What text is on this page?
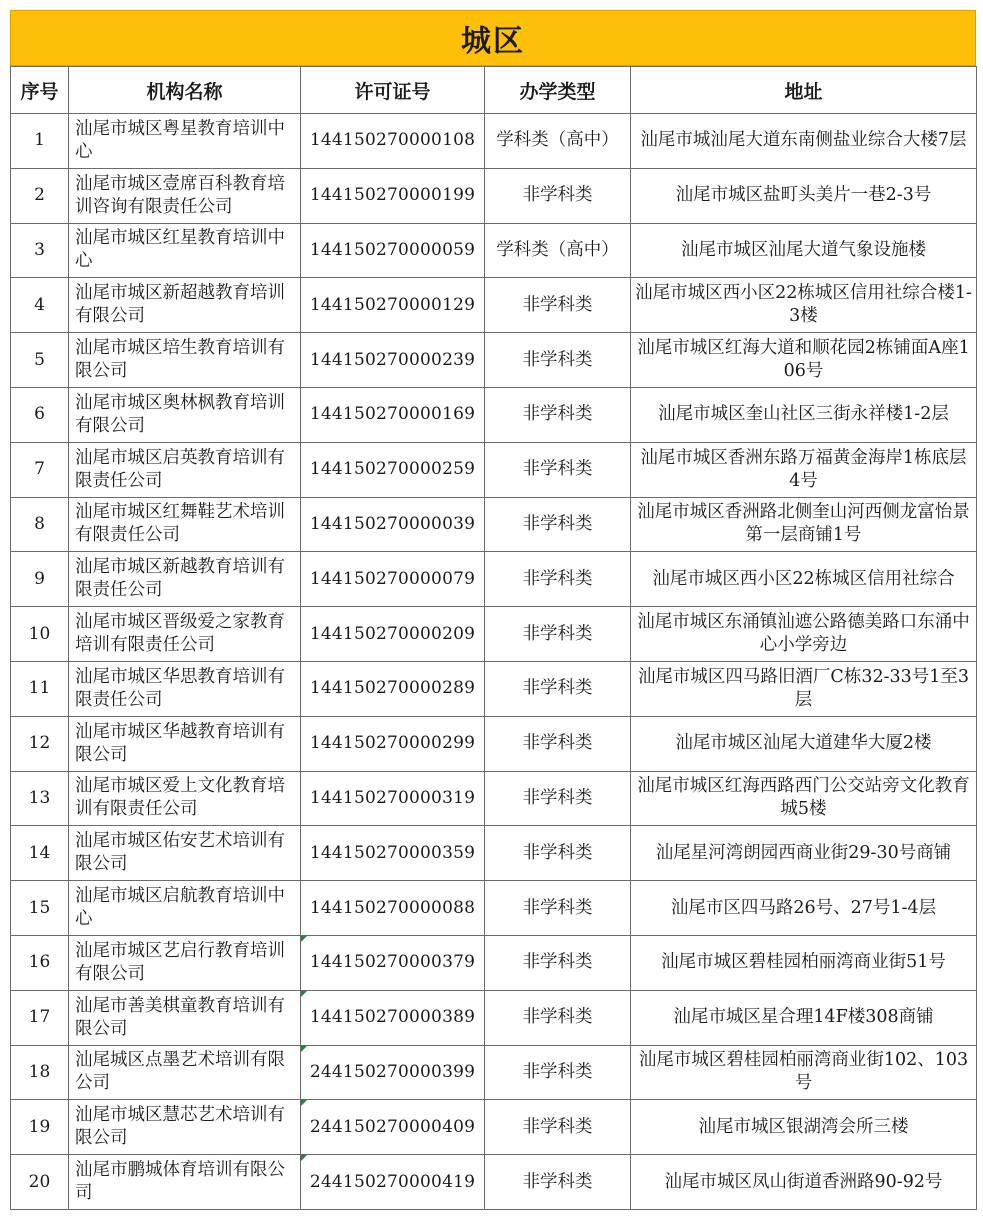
城区
序号	机构名称	许可证号	办学类型	地址
1	汕尾市城区粤星教育培训中心	144150270000108	学科类（高中）	汕尾市城汕尾大道东南侧盐业综合大楼7层
2	汕尾市城区壹席百科教育培训咨询有限责任公司	144150270000199	非学科类	汕尾市城区盐町头美片一巷2-3号
3	汕尾市城区红星教育培训中心	144150270000059	学科类（高中）	汕尾市城区汕尾大道气象设施楼
4	汕尾市城区新超越教育培训有限公司	144150270000129	非学科类	汕尾市城区西小区22栋城区信用社综合楼1-3楼
5	汕尾市城区培生教育培训有限公司	144150270000239	非学科类	汕尾市城区红海大道和顺花园2栋铺面A座106号
6	汕尾市城区奥林枫教育培训有限公司	144150270000169	非学科类	汕尾市城区奎山社区三街永祥楼1-2层
7	汕尾市城区启英教育培训有限责任公司	144150270000259	非学科类	汕尾市城区香洲东路万福黄金海岸1栋底层4号
8	汕尾市城区红舞鞋艺术培训有限责任公司	144150270000039	非学科类	汕尾市城区香洲路北侧奎山河西侧龙富怡景第一层商铺1号
9	汕尾市城区新越教育培训有限责任公司	144150270000079	非学科类	汕尾市城区西小区22栋城区信用社综合
10	汕尾市城区晋级爱之家教育培训有限责任公司	144150270000209	非学科类	汕尾市城区东涌镇汕遮公路德美路口东涌中心小学旁边
11	汕尾市城区华思教育培训有限责任公司	144150270000289	非学科类	汕尾市城区四马路旧酒厂C栋32-33号1至3层
12	汕尾市城区华越教育培训有限公司	144150270000299	非学科类	汕尾市城区汕尾大道建华大厦2楼
13	汕尾市城区爱上文化教育培训有限责任公司	144150270000319	非学科类	汕尾市城区红海西路西门公交站旁文化教育城5楼
14	汕尾市城区佑安艺术培训有限公司	144150270000359	非学科类	汕尾星河湾朗园西商业街29-30号商铺
15	汕尾市城区启航教育培训中心	144150270000088	非学科类	汕尾市区四马路26号、27号1-4层
16	汕尾市城区艺启行教育培训有限公司	144150270000379	非学科类	汕尾市城区碧桂园柏丽湾商业街51号
17	汕尾市善美棋童教育培训有限公司	144150270000389	非学科类	汕尾市城区星合理14F楼308商铺
18	汕尾城区点墨艺术培训有限公司	244150270000399	非学科类	汕尾市城区碧桂园柏丽湾商业街102、103号
19	汕尾市城区慧芯艺术培训有限公司	244150270000409	非学科类	汕尾市城区银湖湾会所三楼
20	汕尾市鹏城体育培训有限公司	244150270000419	非学科类	汕尾市城区凤山街道香洲路90-92号
